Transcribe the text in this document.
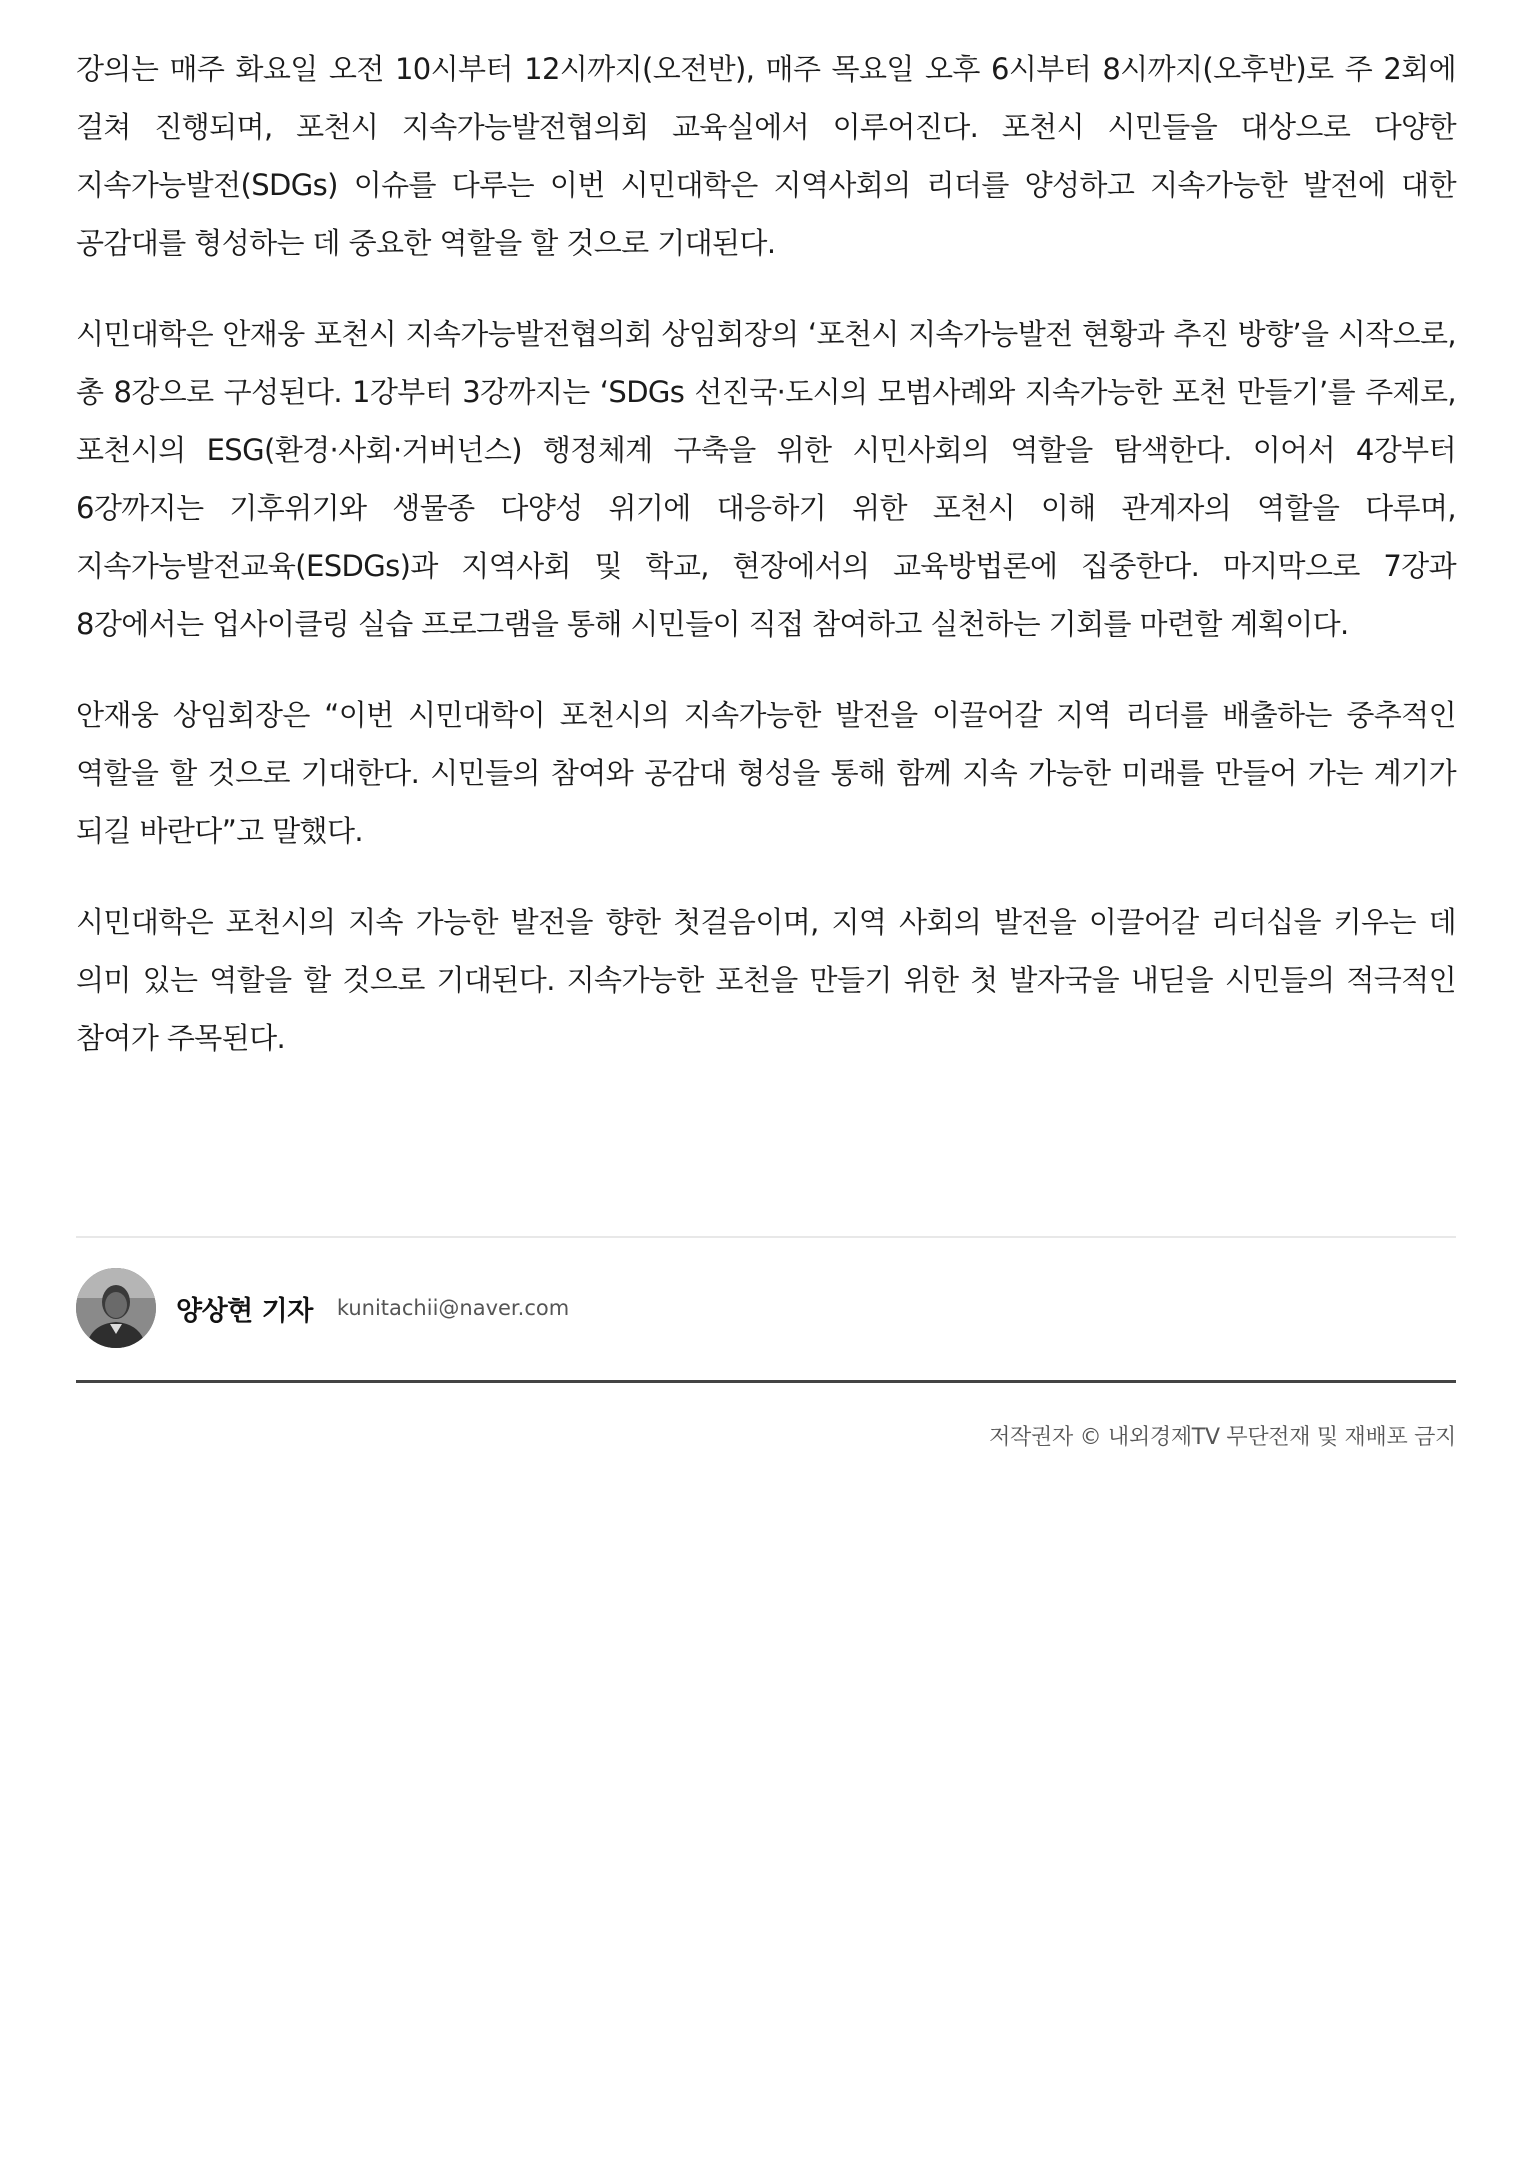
강의는 매주 화요일 오전 10시부터 12시까지(오전반), 매주 목요일 오후 6시부터 8시까지(오후반)로 주 2회에 걸쳐 진행되며, 포천시 지속가능발전협의회 교육실에서 이루어진다. 포천시 시민들을 대상으로 다양한 지속가능발전(SDGs) 이슈를 다루는 이번 시민대학은 지역사회의 리더를 양성하고 지속가능한 발전에 대한 공감대를 형성하는 데 중요한 역할을 할 것으로 기대된다.

시민대학은 안재웅 포천시 지속가능발전협의회 상임회장의 ‘포천시 지속가능발전 현황과 추진 방향’을 시작으로, 총 8강으로 구성된다. 1강부터 3강까지는 ‘SDGs 선진국·도시의 모범사례와 지속가능한 포천 만들기’를 주제로, 포천시의 ESG(환경·사회·거버넌스) 행정체계 구축을 위한 시민사회의 역할을 탐색한다. 이어서 4강부터 6강까지는 기후위기와 생물종 다양성 위기에 대응하기 위한 포천시 이해 관계자의 역할을 다루며, 지속가능발전교육(ESDGs)과 지역사회 및 학교, 현장에서의 교육방법론에 집중한다. 마지막으로 7강과 8강에서는 업사이클링 실습 프로그램을 통해 시민들이 직접 참여하고 실천하는 기회를 마련할 계획이다.

안재웅 상임회장은 “이번 시민대학이 포천시의 지속가능한 발전을 이끌어갈 지역 리더를 배출하는 중추적인 역할을 할 것으로 기대한다. 시민들의 참여와 공감대 형성을 통해 함께 지속 가능한 미래를 만들어 가는 계기가 되길 바란다”고 말했다.

시민대학은 포천시의 지속 가능한 발전을 향한 첫걸음이며, 지역 사회의 발전을 이끌어갈 리더십을 키우는 데 의미 있는 역할을 할 것으로 기대된다. 지속가능한 포천을 만들기 위한 첫 발자국을 내딛을 시민들의 적극적인 참여가 주목된다.

양상현 기자 kunitachii@naver.com
저작권자 © 내외경제TV 무단전재 및 재배포 금지
